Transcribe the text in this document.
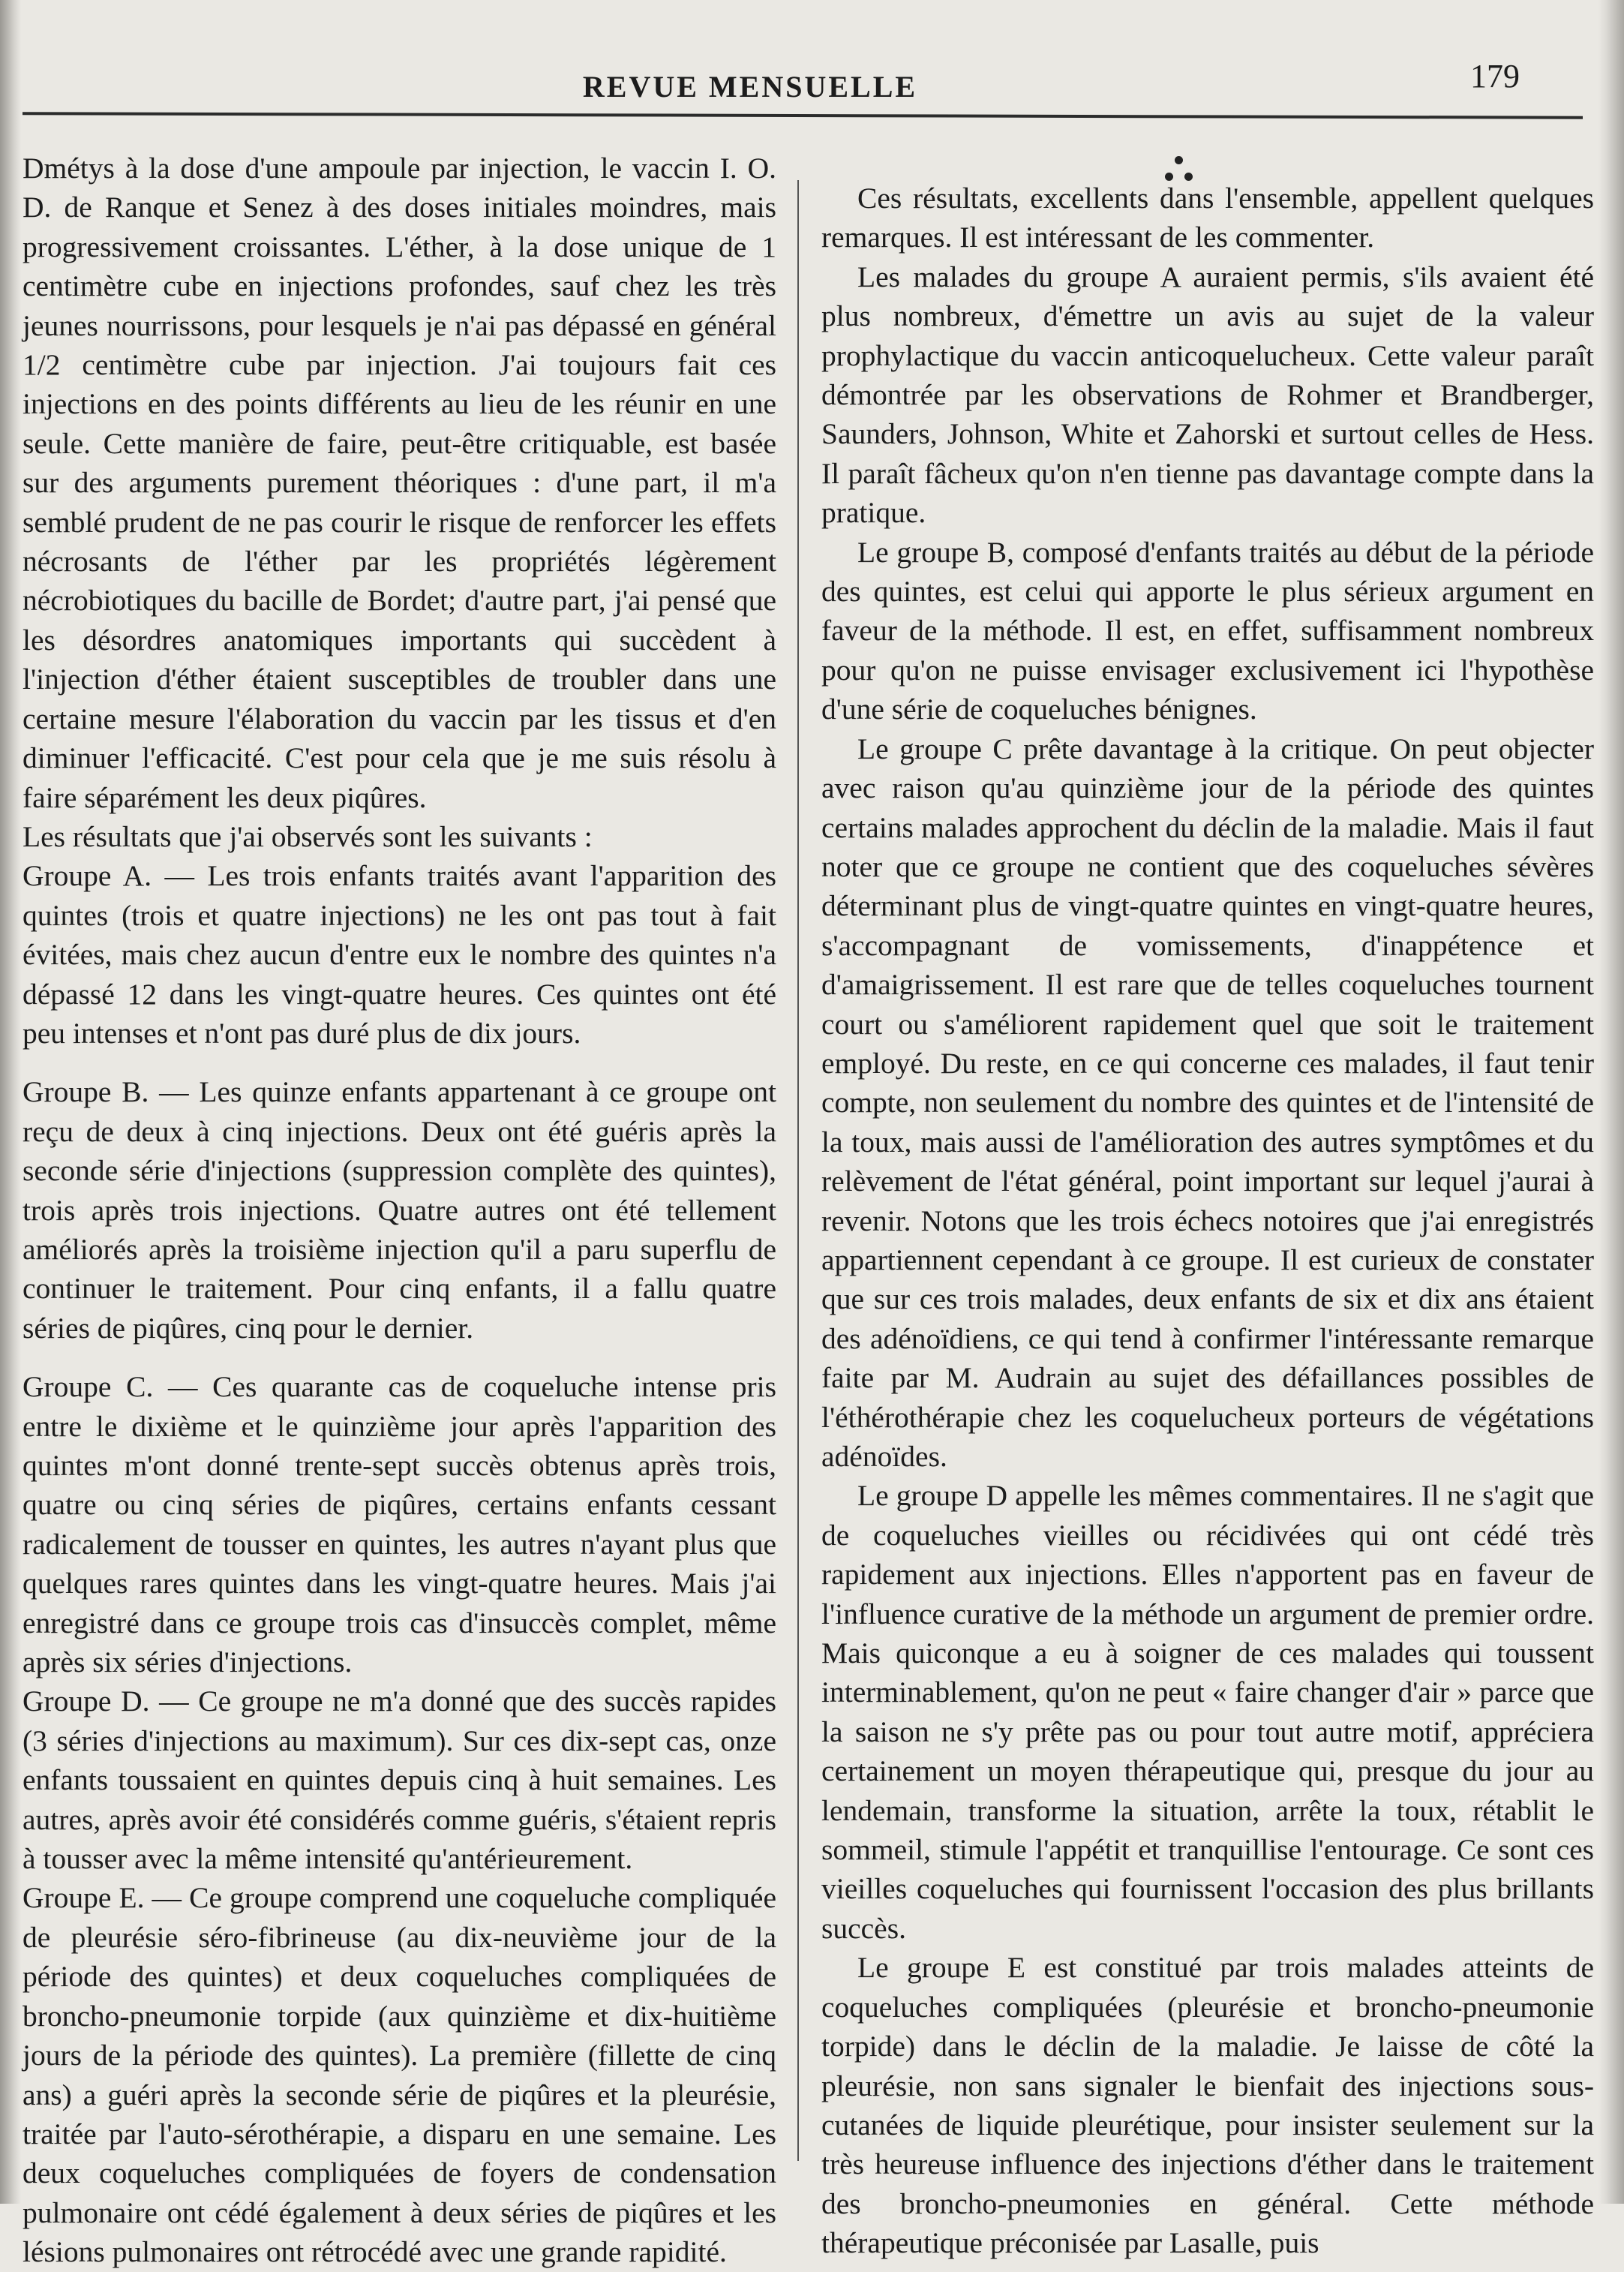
REVUE MENSUELLE	179

Dmétys à la dose d'une ampoule par injection, le vaccin I. O. D. de Ranque et Senez à des doses initiales moindres, mais progressivement croissantes. L'éther, à la dose unique de 1 centimètre cube en injections profondes, sauf chez les très jeunes nourrissons, pour lesquels je n'ai pas dépassé en général 1/2 centimètre cube par injection. J'ai toujours fait ces injections en des points différents au lieu de les réunir en une seule. Cette manière de faire, peut-être critiquable, est basée sur des arguments purement théoriques : d'une part, il m'a semblé prudent de ne pas courir le risque de renforcer les effets nécrosants de l'éther par les propriétés légèrement nécrobiotiques du bacille de Bordet; d'autre part, j'ai pensé que les désordres anatomiques importants qui succèdent à l'injection d'éther étaient susceptibles de troubler dans une certaine mesure l'élaboration du vaccin par les tissus et d'en diminuer l'efficacité. C'est pour cela que je me suis résolu à faire séparément les deux piqûres.

Les résultats que j'ai observés sont les suivants :

Groupe A. — Les trois enfants traités avant l'apparition des quintes (trois et quatre injections) ne les ont pas tout à fait évitées, mais chez aucun d'entre eux le nombre des quintes n'a dépassé 12 dans les vingt-quatre heures. Ces quintes ont été peu intenses et n'ont pas duré plus de dix jours.

Groupe B. — Les quinze enfants appartenant à ce groupe ont reçu de deux à cinq injections. Deux ont été guéris après la seconde série d'injections (suppression complète des quintes), trois après trois injections. Quatre autres ont été tellement améliorés après la troisième injection qu'il a paru superflu de continuer le traitement. Pour cinq enfants, il a fallu quatre séries de piqûres, cinq pour le dernier.

Groupe C. — Ces quarante cas de coqueluche intense pris entre le dixième et le quinzième jour après l'apparition des quintes m'ont donné trente-sept succès obtenus après trois, quatre ou cinq séries de piqûres, certains enfants cessant radicalement de tousser en quintes, les autres n'ayant plus que quelques rares quintes dans les vingt-quatre heures. Mais j'ai enregistré dans ce groupe trois cas d'insuccès complet, même après six séries d'injections.

Groupe D. — Ce groupe ne m'a donné que des succès rapides (3 séries d'injections au maximum). Sur ces dix-sept cas, onze enfants toussaient en quintes depuis cinq à huit semaines. Les autres, après avoir été considérés comme guéris, s'étaient repris à tousser avec la même intensité qu'antérieurement.

Groupe E. — Ce groupe comprend une coqueluche compliquée de pleurésie séro-fibrineuse (au dix-neuvième jour de la période des quintes) et deux coqueluches compliquées de broncho-pneumonie torpide (aux quinzième et dix-huitième jours de la période des quintes). La première (fillette de cinq ans) a guéri après la seconde série de piqûres et la pleurésie, traitée par l'auto-sérothérapie, a disparu en une semaine. Les deux coqueluches compliquées de foyers de condensation pulmonaire ont cédé également à deux séries de piqûres et les lésions pulmonaires ont rétrocédé avec une grande rapidité.

Ces résultats, excellents dans l'ensemble, appellent quelques remarques. Il est intéressant de les commenter.

Les malades du groupe A auraient permis, s'ils avaient été plus nombreux, d'émettre un avis au sujet de la valeur prophylactique du vaccin anticoquelucheux. Cette valeur paraît démontrée par les observations de Rohmer et Brandberger, Saunders, Johnson, White et Zahorski et surtout celles de Hess. Il paraît fâcheux qu'on n'en tienne pas davantage compte dans la pratique.

Le groupe B, composé d'enfants traités au début de la période des quintes, est celui qui apporte le plus sérieux argument en faveur de la méthode. Il est, en effet, suffisamment nombreux pour qu'on ne puisse envisager exclusivement ici l'hypothèse d'une série de coqueluches bénignes.

Le groupe C prête davantage à la critique. On peut objecter avec raison qu'au quinzième jour de la période des quintes certains malades approchent du déclin de la maladie. Mais il faut noter que ce groupe ne contient que des coqueluches sévères déterminant plus de vingt-quatre quintes en vingt-quatre heures, s'accompagnant de vomissements, d'inappétence et d'amaigrissement. Il est rare que de telles coqueluches tournent court ou s'améliorent rapidement quel que soit le traitement employé. Du reste, en ce qui concerne ces malades, il faut tenir compte, non seulement du nombre des quintes et de l'intensité de la toux, mais aussi de l'amélioration des autres symptômes et du relèvement de l'état général, point important sur lequel j'aurai à revenir. Notons que les trois échecs notoires que j'ai enregistrés appartiennent cependant à ce groupe. Il est curieux de constater que sur ces trois malades, deux enfants de six et dix ans étaient des adénoïdiens, ce qui tend à confirmer l'intéressante remarque faite par M. Audrain au sujet des défaillances possibles de l'éthérothérapie chez les coquelucheux porteurs de végétations adénoïdes.

Le groupe D appelle les mêmes commentaires. Il ne s'agit que de coqueluches vieilles ou récidivées qui ont cédé très rapidement aux injections. Elles n'apportent pas en faveur de l'influence curative de la méthode un argument de premier ordre. Mais quiconque a eu à soigner de ces malades qui toussent interminablement, qu'on ne peut « faire changer d'air » parce que la saison ne s'y prête pas ou pour tout autre motif, appréciera certainement un moyen thérapeutique qui, presque du jour au lendemain, transforme la situation, arrête la toux, rétablit le sommeil, stimule l'appétit et tranquillise l'entourage. Ce sont ces vieilles coqueluches qui fournissent l'occasion des plus brillants succès.

Le groupe E est constitué par trois malades atteints de coqueluches compliquées (pleurésie et broncho-pneumonie torpide) dans le déclin de la maladie. Je laisse de côté la pleurésie, non sans signaler le bienfait des injections sous-cutanées de liquide pleurétique, pour insister seulement sur la très heureuse influence des injections d'éther dans le traitement des broncho-pneumonies en général. Cette méthode thérapeutique préconisée par Lasalle, puis
